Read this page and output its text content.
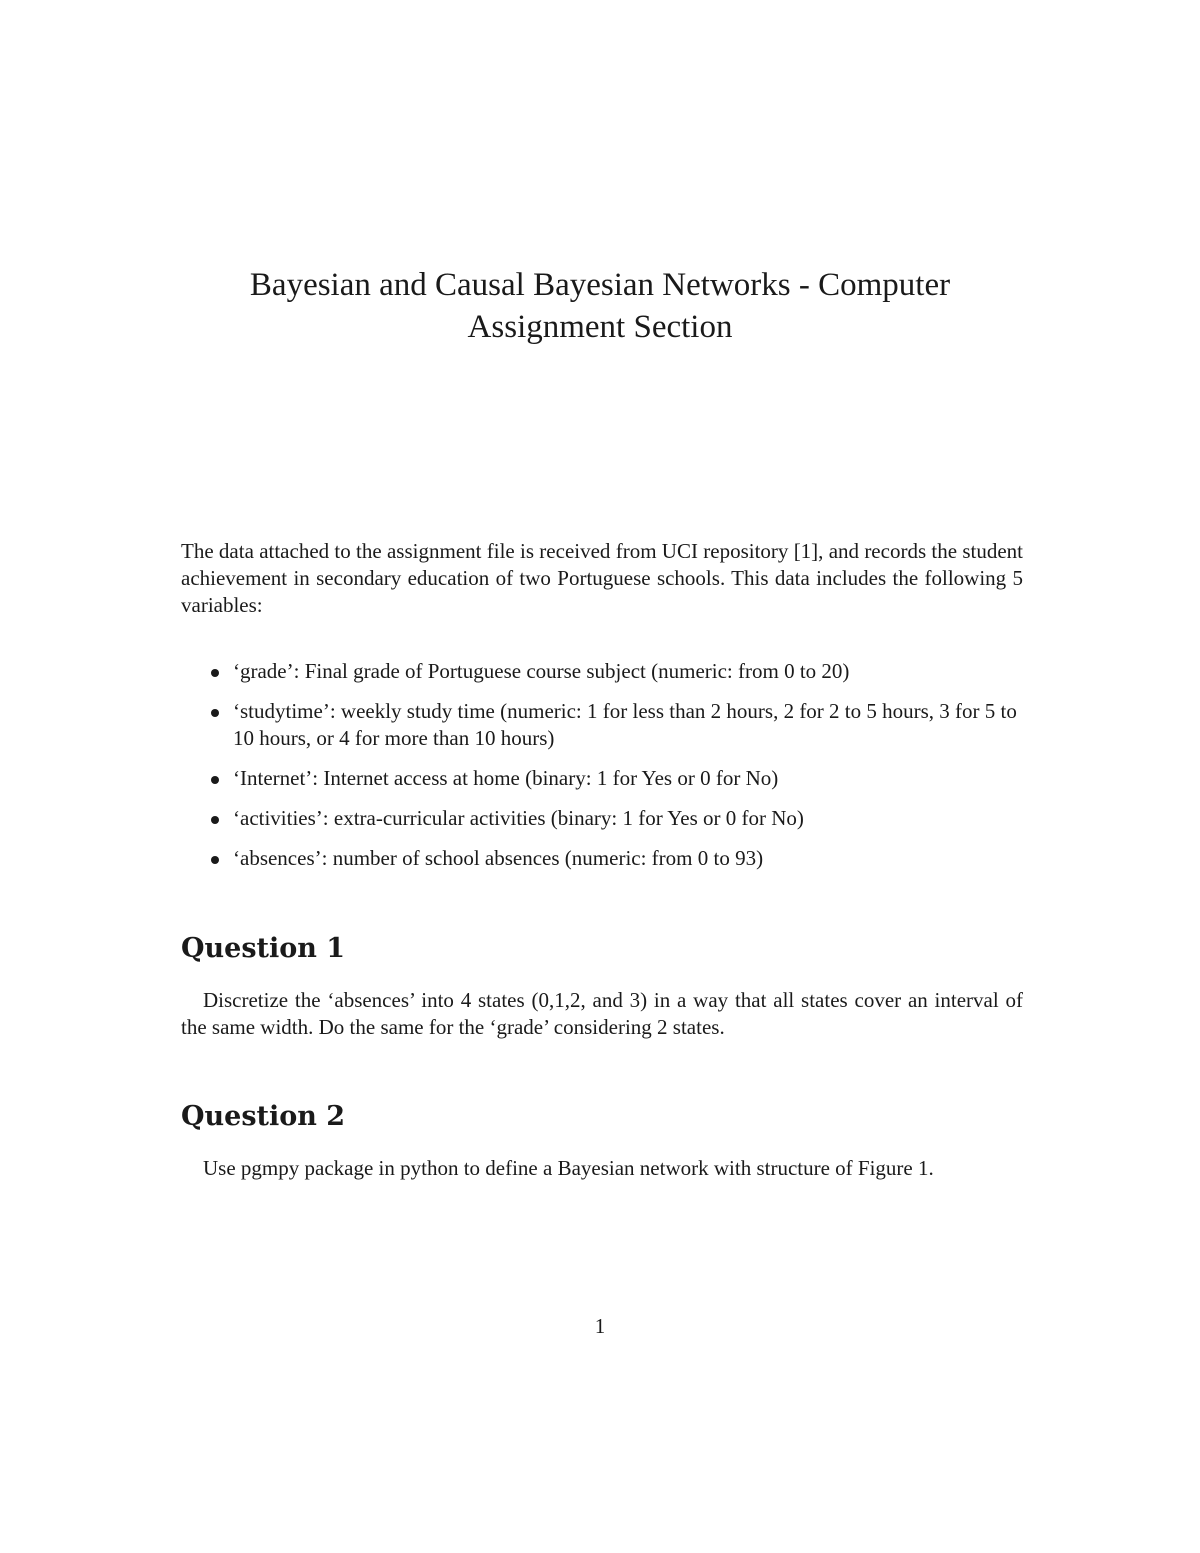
Bayesian and Causal Bayesian Networks - Computer
Assignment Section

The data attached to the assignment file is received from UCI repository [1], and records the student achievement in secondary education of two Portuguese schools. This data includes the following 5 variables:

‘grade’: Final grade of Portuguese course subject (numeric: from 0 to 20)
‘studytime’: weekly study time (numeric: 1 for less than 2 hours, 2 for 2 to 5 hours, 3 for 5 to 10 hours, or 4 for more than 10 hours)
‘Internet’: Internet access at home (binary: 1 for Yes or 0 for No)
‘activities’: extra-curricular activities (binary: 1 for Yes or 0 for No)
‘absences’: number of school absences (numeric: from 0 to 93)
Question 1

Discretize the ‘absences’ into 4 states (0,1,2, and 3) in a way that all states cover an interval of the same width. Do the same for the ‘grade’ considering 2 states.

Question 2

Use pgmpy package in python to define a Bayesian network with structure of Figure 1.

1
